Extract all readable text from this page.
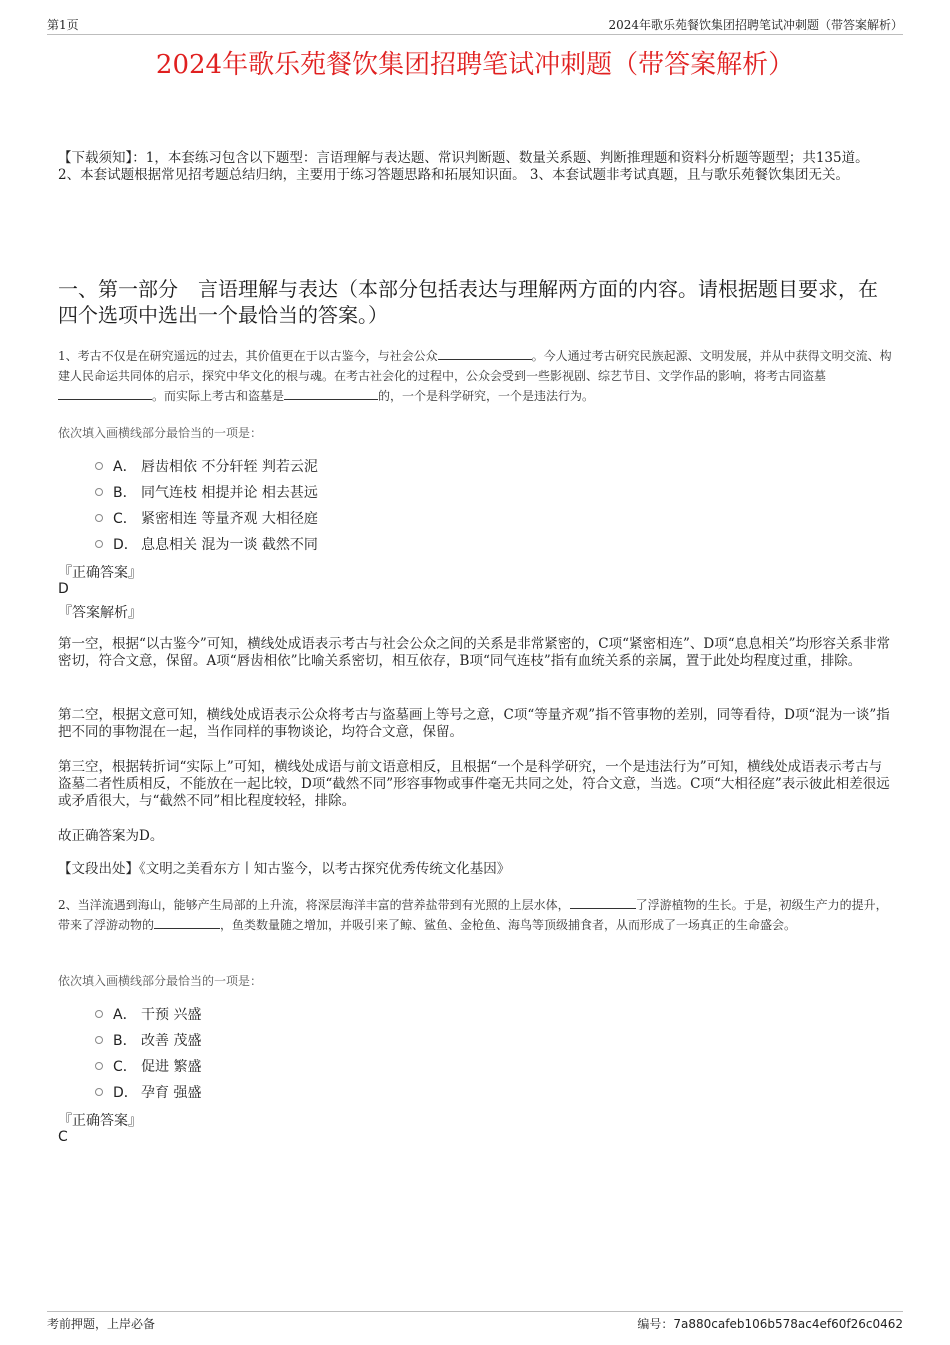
第1页	2024年歌乐苑餐饮集团招聘笔试冲刺题（带答案解析）
2024年歌乐苑餐饮集团招聘笔试冲刺题（带答案解析）
【下载须知】：1，本套练习包含以下题型：言语理解与表达题、常识判断题、数量关系题、判断推理题和资料分析题等题型；共135道。 2、本套试题根据常见招考题总结归纳，主要用于练习答题思路和拓展知识面。 3、本套试题非考试真题，且与歌乐苑餐饮集团无关。
一、第一部分　言语理解与表达（本部分包括表达与理解两方面的内容。请根据题目要求，在四个选项中选出一个最恰当的答案。）
1、考古不仅是在研究遥远的过去，其价值更在于以古鉴今，与社会公众	。今人通过考古研究民族起源、文明发展，并从中获得文明交流、构建人民命运共同体的启示，探究中华文化的根与魂。在考古社会化的过程中，公众会受到一些影视剧、综艺节目、文学作品的影响，将考古同盗墓。而实际上考古和盗墓是	的，一个是科学研究，一个是违法行为。
依次填入画横线部分最恰当的一项是：
A． 唇齿相依 不分轩轾 判若云泥
B． 同气连枝 相提并论 相去甚远
C． 紧密相连 等量齐观 大相径庭
D． 息息相关 混为一谈 截然不同
『正确答案』
D
『答案解析』
第一空，根据“以古鉴今”可知，横线处成语表示考古与社会公众之间的关系是非常紧密的，C项“紧密相连”、D项“息息相关”均形容关系非常密切，符合文意，保留。A项“唇齿相依”比喻关系密切，相互依存，B项“同气连枝”指有血统关系的亲属，置于此处均程度过重，排除。
第二空，根据文意可知，横线处成语表示公众将考古与盗墓画上等号之意，C项“等量齐观”指不管事物的差别，同等看待，D项“混为一谈”指把不同的事物混在一起，当作同样的事物谈论，均符合文意，保留。
第三空，根据转折词“实际上”可知，横线处成语与前文语意相反，且根据“一个是科学研究，一个是违法行为”可知，横线处成语表示考古与盗墓二者性质相反，不能放在一起比较，D项“截然不同”形容事物或事件毫无共同之处，符合文意，当选。C项“大相径庭”表示彼此相差很远或矛盾很大，与“截然不同”相比程度较轻，排除。
故正确答案为D。
【文段出处】《文明之美看东方丨知古鉴今，以考古探究优秀传统文化基因》
2、当洋流遇到海山，能够产生局部的上升流，将深层海洋丰富的营养盐带到有光照的上层水体，	了浮游植物的生长。于是，初级生产力的提升，带来了浮游动物的	，鱼类数量随之增加，并吸引来了鲸、鲨鱼、金枪鱼、海鸟等顶级捕食者，从而形成了一场真正的生命盛会。
依次填入画横线部分最恰当的一项是：
A． 干预 兴盛
B． 改善 茂盛
C． 促进 繁盛
D． 孕育 强盛
『正确答案』
C
考前押题，上岸必备	编号：7a880cafeb106b578ac4ef60f26c0462
